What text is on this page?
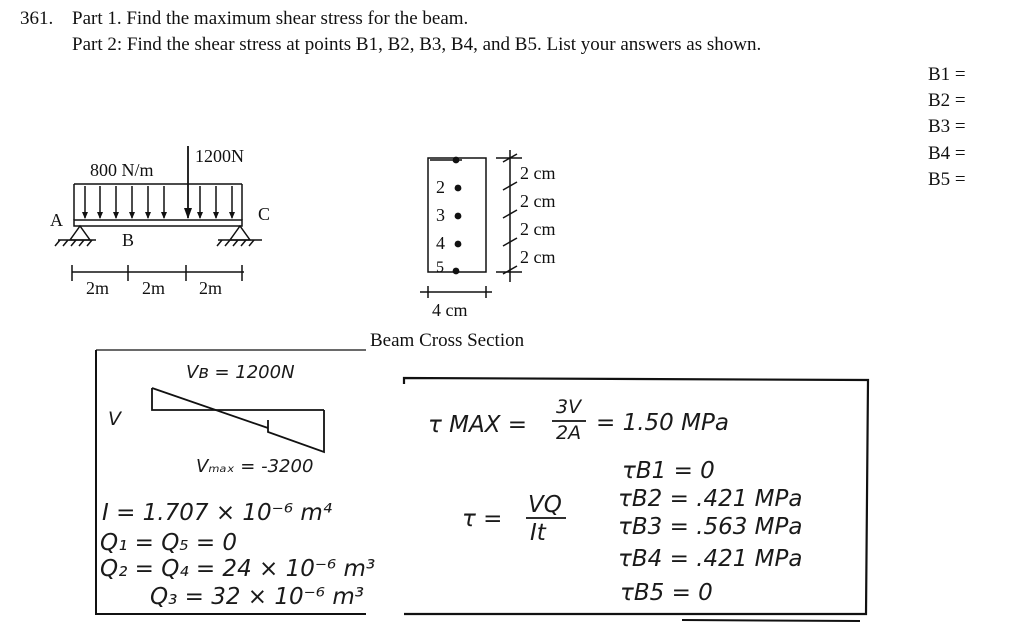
361. Part 1. Find the maximum shear stress for the beam.
Part 2: Find the shear stress at points B1, B2, B3, B4, and B5. List your answers as shown.
B1 =
B2 =
B3 =
B4 =
B5 =
800 N/m
1200N
A
B
C
2m 2m 2m
2
3
4
5
2 cm
2 cm
2 cm
2 cm
4 cm
Beam Cross Section
Vʙ = 1200N
V
Vₘₐₓ = -3200
I = 1.707 × 10⁻⁶ m⁴
Q₁ = Q₅ = 0
Q₂ = Q₄ = 24 × 10⁻⁶ m³
Q₃ = 32 × 10⁻⁶ m³
τ MAX =
3V
2A = 1.50 MPa
τ =
VQ
It
τB1 = 0
τB2 = .421 MPa
τB3 = .563 MPa
τB4 = .421 MPa
τB5 = 0
